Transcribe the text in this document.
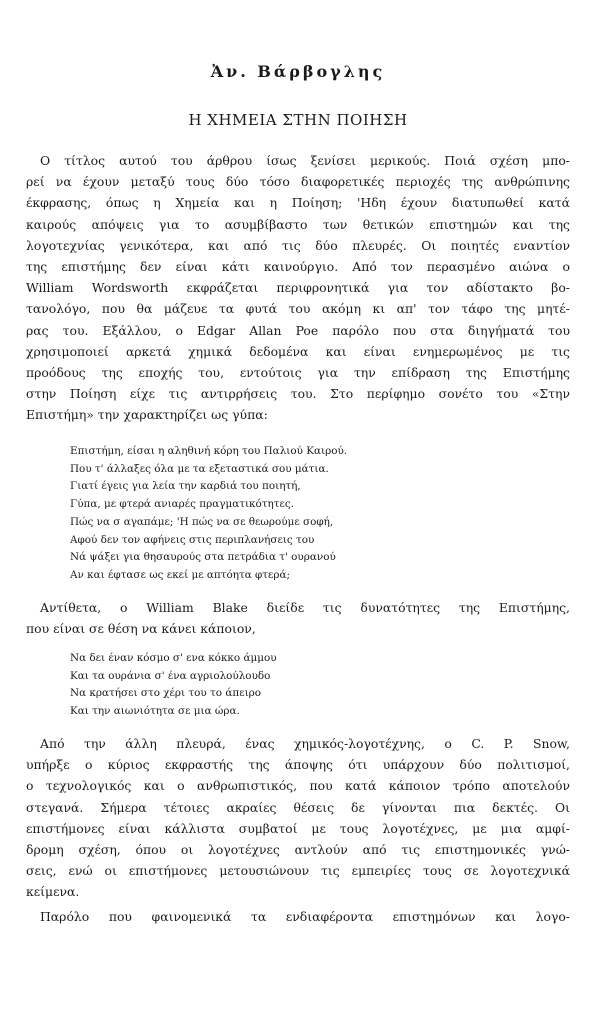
Ἀν. Βάρβογλης
Η ΧΗΜΕΙΑ ΣΤΗΝ ΠΟΙΗΣΗ
Ο τίτλος αυτού του άρθρου ίσως ξενίσει μερικούς. Ποιά σχέση μπο-
ρεί να έχουν μεταξύ τους δύο τόσο διαφορετικές περιοχές της ανθρώπινης
έκφρασης, όπως η Χημεία και η Ποίηση; 'Ηδη έχουν διατυπωθεί κατά
καιρούς απόψεις για το ασυμβίβαστο των θετικών επιστημών και της
λογοτεχνίας γενικότερα, και από τις δύο πλευρές. Οι ποιητές εναντίον
της επιστήμης δεν είναι κάτι καινούργιο. Από τον περασμένο αιώνα ο
William Wordsworth εκφράζεται περιφρονητικά για τον αδίστακτο βο-
τανολόγο, που θα μάζευε τα φυτά του ακόμη κι απ' τον τάφο της μητέ-
ρας του. Εξάλλου, ο Edgar Allan Poe παρόλο που στα διηγήματά του
χρησιμοποιεί αρκετά χημικά δεδομένα και είναι ενημερωμένος με τις
προόδους της εποχής του, εντούτοις για την επίδραση της Επιστήμης
στην Ποίηση είχε τις αντιρρήσεις του. Στο περίφημο σονέτο του «Στην
Επιστήμη» την χαρακτηρίζει ως γύπα:
Επιστήμη, είσαι η αληθινή κόρη του Παλιού Καιρού.
Που τ' άλλαξες όλα με τα εξεταστικά σου μάτια.
Γιατί έγεις για λεία την καρδιά του ποιητή,
Γύπα, με φτερά ανιαρές πραγματικότητες.
Πώς να σ αγαπάμε; 'Η πώς να σε θεωρούμε σοφή,
Αφού δεν τον αφήνεις στις περιπλανήσεις του
Νά ψάξει για θησαυρούς στα πετράδια τ' ουρανού
Αν και έφτασε ως εκεί με απτόητα φτερά;
Αντίθετα, ο William Blake διείδε τις δυνατότητες της Επιστήμης,
που είναι σε θέση να κάνει κάποιον,
Να δει έναν κόσμο σ' ενα κόκκο άμμου
Και τα ουράνια σ' ένα αγριολούλουδο
Να κρατήσει στο χέρι του το άπειρο
Και την αιωνιότητα σε μια ώρα.
Από την άλλη πλευρά, ένας χημικός-λογοτέχνης, ο C. P. Snow,
υπήρξε ο κύριος εκφραστής της άποψης ότι υπάρχουν δύο πολιτισμοί,
ο τεχνολογικός και ο ανθρωπιστικός, που κατά κάποιον τρόπο αποτελούν
στεγανά. Σήμερα τέτοιες ακραίες θέσεις δε γίνονται πια δεκτές. Οι
επιστήμονες είναι κάλλιστα συμβατοί με τους λογοτέχνες, με μια αμφί-
δρομη σχέση, όπου οι λογοτέχνες αντλούν από τις επιστημονικές γνώ-
σεις, ενώ οι επιστήμονες μετουσιώνουν τις εμπειρίες τους σε λογοτεχνικά
κείμενα.
Παρόλο που φαινομενικά τα ενδιαφέροντα επιστημόνων και λογο-
